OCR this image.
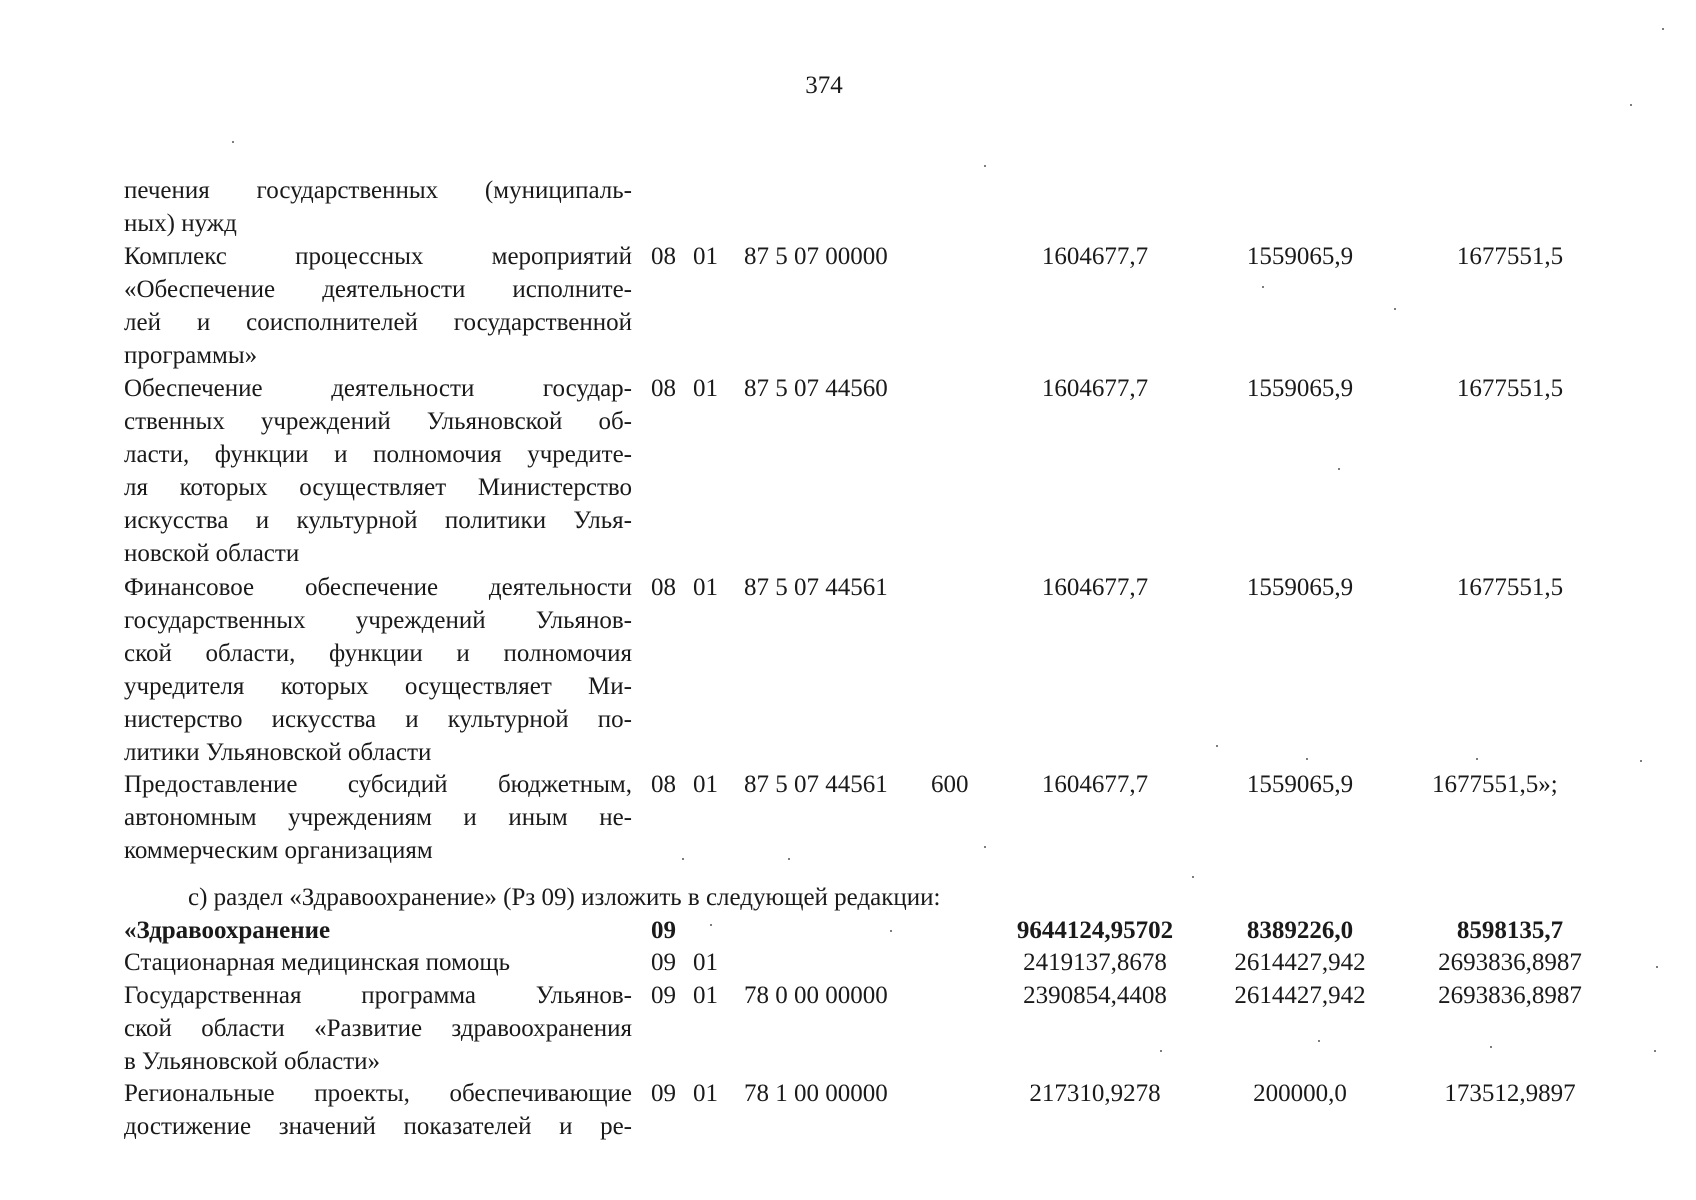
374
печения государственных (муниципаль-
ных) нужд
Комплекс процессных мероприятий
«Обеспечение деятельности исполните-
лей и соисполнителей государственной
программы»
08 01 87 5 07 00000	1604677,7	1559065,9	1677551,5
Обеспечение деятельности государ-
ственных учреждений Ульяновской об-
ласти, функции и полномочия учредите-
ля которых осуществляет Министерство
искусства и культурной политики Улья-
новской области
08 01 87 5 07 44560	1604677,7	1559065,9	1677551,5
Финансовое обеспечение деятельности
государственных учреждений Ульянов-
ской области, функции и полномочия
учредителя которых осуществляет Ми-
нистерство искусства и культурной по-
литики Ульяновской области
08 01 87 5 07 44561	1604677,7	1559065,9	1677551,5
Предоставление субсидий бюджетным,
автономным учреждениям и иным не-
коммерческим организациям
08 01 87 5 07 44561 600	1604677,7	1559065,9	1677551,5»;
с) раздел «Здравоохранение» (Рз 09) изложить в следующей редакции:
«Здравоохранение	09	9644124,95702	8389226,0	8598135,7
Стационарная медицинская помощь	09 01	2419137,8678	2614427,942	2693836,8987
Государственная программа Ульянов-
ской области «Развитие здравоохранения
в Ульяновской области»
09 01 78 0 00 00000	2390854,4408	2614427,942	2693836,8987
Региональные проекты, обеспечивающие
достижение значений показателей и ре-
09 01 78 1 00 00000	217310,9278	200000,0	173512,9897
